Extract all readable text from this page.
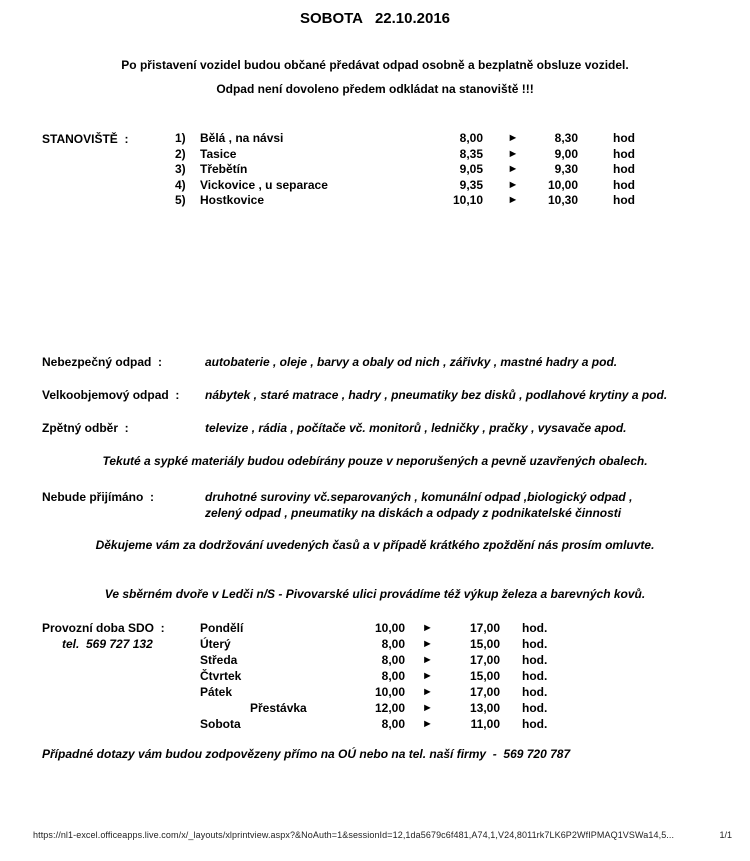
SOBOTA   22.10.2016
Po přistavení vozidel budou občané předávat odpad osobně a bezplatně obsluze vozidel.
Odpad není dovoleno předem odkládat na stanoviště !!!
STANOVIŠTĚ  :	1)	Bělá , na návsi	8,00	►	8,30	hod
2)	Tasice	8,35	►	9,00	hod
3)	Třebětín	9,05	►	9,30	hod
4)	Vickovice , u separace	9,35	►	10,00	hod
5)	Hostkovice	10,10	►	10,30	hod
Nebezpečný odpad  :	autobaterie , oleje , barvy a obaly od nich , zářivky , mastné hadry a pod.
Velkoobjemový odpad  : nábytek , staré matrace , hadry , pneumatiky bez disků , podlahové krytiny a pod.
Zpětný odběr  :	televize , rádia , počítače vč. monitorů , ledničky , pračky , vysavače apod.
Tekuté a sypké materiály budou odebírány pouze v neporušených a pevně uzavřených obalech.
Nebude přijímáno  :	druhotné suroviny vč.separovaných , komunální odpad ,biologický odpad ,
zelený odpad , pneumatiky na diskách a odpady z podnikatelské činnosti
Děkujeme vám za dodržování uvedených časů a v případě krátkého zpoždění nás prosím omluvte.
Ve sběrném dvoře v Ledči n/S - Pivovarské ulici provádíme též výkup železa a barevných kovů.
Provozní doba SDO  :
tel.  569 727 132
Pondělí	10,00	►	17,00	hod.
Úterý	8,00	►	15,00	hod.
Středa	8,00	►	17,00	hod.
Čtvrtek	8,00	►	15,00	hod.
Pátek	10,00	►	17,00	hod.
Přestávka	12,00	►	13,00	hod.
Sobota	8,00	►	11,00	hod.
Případné dotazy vám budou zodpovězeny přímo na OÚ nebo na tel. naší firmy  -  569 720 787
https://nl1-excel.officeapps.live.com/x/_layouts/xlprintview.aspx?&NoAuth=1&sessionId=12,1da5679c6f481,A74,1,V24,8011rk7LK6P2WfIPMAQ1VSWa14,5...	1/1
